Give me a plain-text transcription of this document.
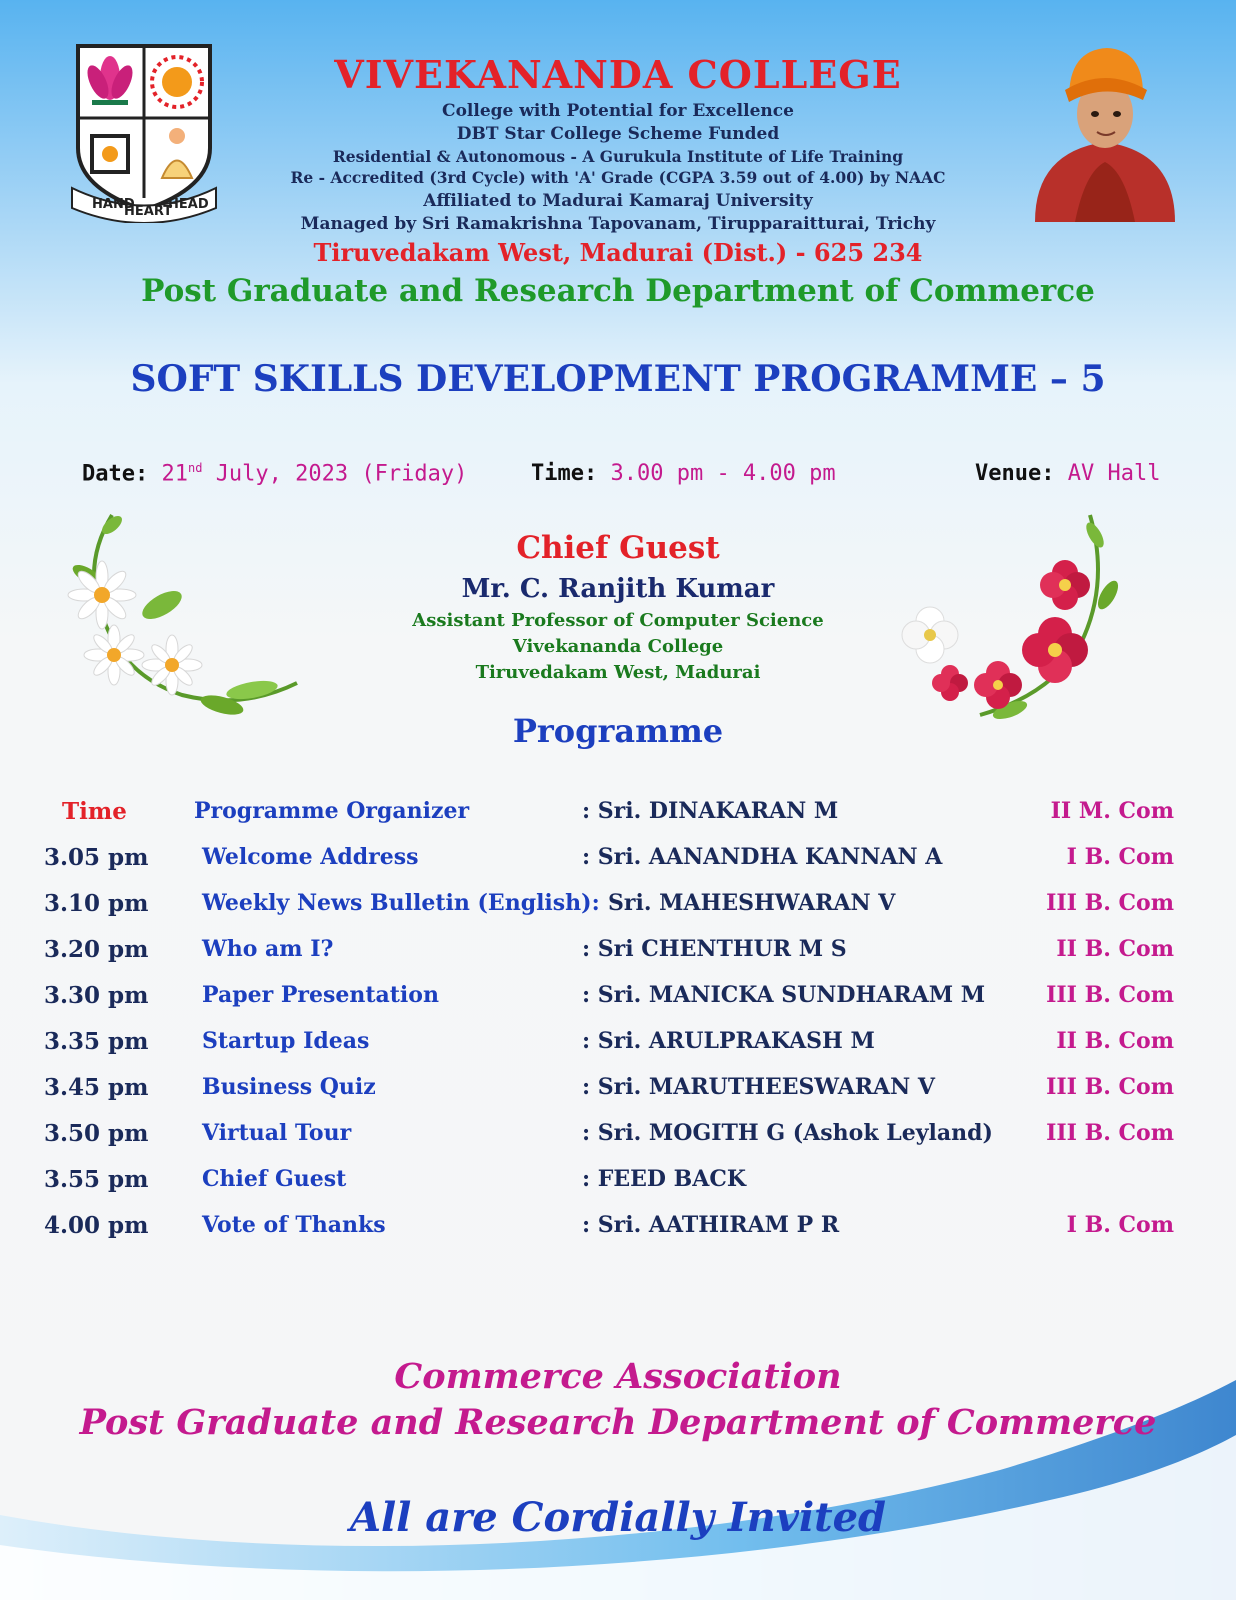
HAND
HEART
HEAD
VIVEKANANDA COLLEGE
College with Potential for Excellence
DBT Star College Scheme Funded
Residential & Autonomous - A Gurukula Institute of Life Training
Re - Accredited (3rd Cycle) with 'A' Grade (CGPA 3.59 out of 4.00) by NAAC
Affiliated to Madurai Kamaraj University
Managed by Sri Ramakrishna Tapovanam, Tirupparaitturai, Trichy
Tiruvedakam West, Madurai (Dist.) - 625 234
Post Graduate and Research Department of Commerce
SOFT SKILLS DEVELOPMENT PROGRAMME – 5
Date: 21nd July, 2023 (Friday)	Time: 3.00 pm - 4.00 pm	Venue: AV Hall
Chief Guest
Mr. C. Ranjith Kumar
Assistant Professor of Computer Science
Vivekananda College
Tiruvedakam West, Madurai
Programme
Time	Programme Organizer	: Sri. DINAKARAN M	II M. Com
3.05 pm Welcome Address	: Sri. AANANDHA KANNAN A	I B. Com
3.10 pm Weekly News Bulletin (English): Sri. MAHESHWARAN V	III B. Com
3.20 pm Who am I?	: Sri CHENTHUR M S	II B. Com
3.30 pm Paper Presentation	: Sri. MANICKA SUNDHARAM M	III B. Com
3.35 pm Startup Ideas	: Sri. ARULPRAKASH M	II B. Com
3.45 pm Business Quiz	: Sri. MARUTHEESWARAN V	III B. Com
3.50 pm Virtual Tour	: Sri. MOGITH G (Ashok Leyland) III B. Com
3.55 pm Chief Guest	: FEED BACK
4.00 pm Vote of Thanks	: Sri. AATHIRAM P R	I B. Com
Commerce Association
Post Graduate and Research Department of Commerce
All are Cordially Invited
